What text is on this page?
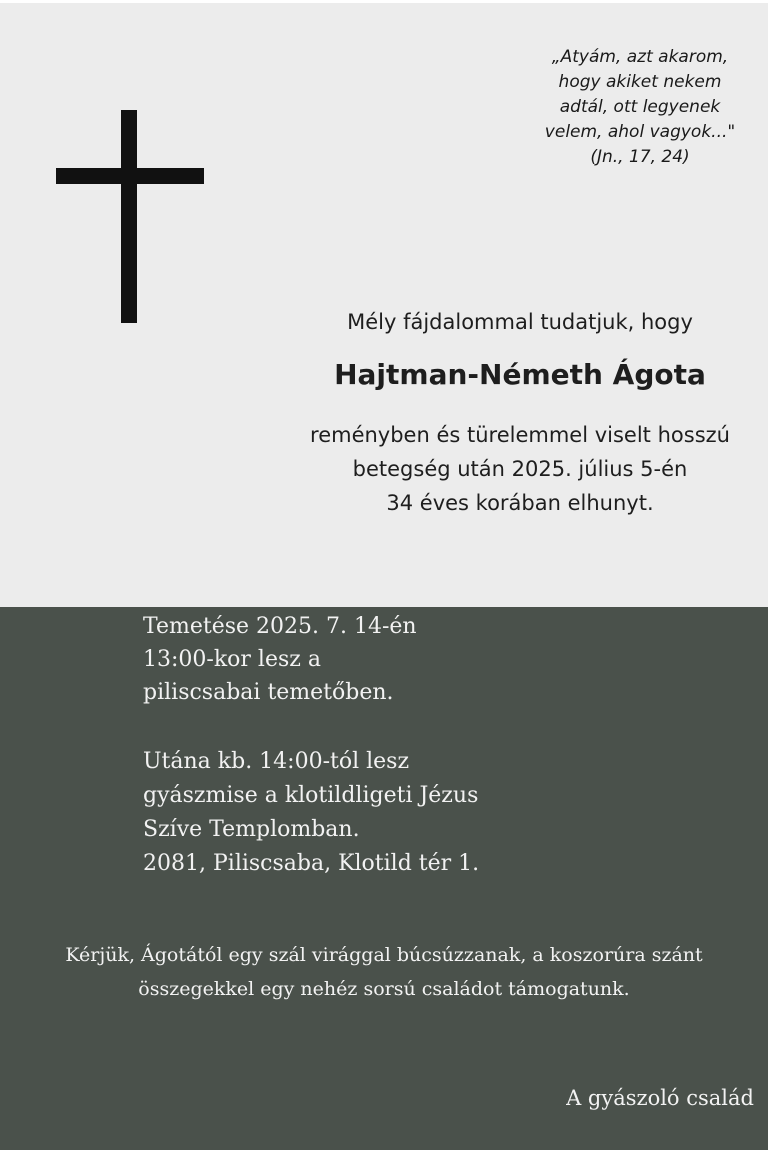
„Atyám, azt akarom,
hogy akiket nekem
adtál, ott legyenek
velem, ahol vagyok..."
(Jn., 17, 24)
Mély fájdalommal tudatjuk, hogy
Hajtman-Németh Ágota
reményben és türelemmel viselt hosszú
betegség után 2025. július 5-én
34 éves korában elhunyt.
Temetése 2025. 7. 14-én
13:00-kor lesz a
piliscsabai temetőben.
Utána kb. 14:00-tól lesz
gyászmise a klotildligeti Jézus
Szíve Templomban.
2081, Piliscsaba, Klotild tér 1.
Kérjük, Ágotától egy szál virággal búcsúzzanak, a koszorúra szánt
összegekkel egy nehéz sorsú családot támogatunk.
A gyászoló család
